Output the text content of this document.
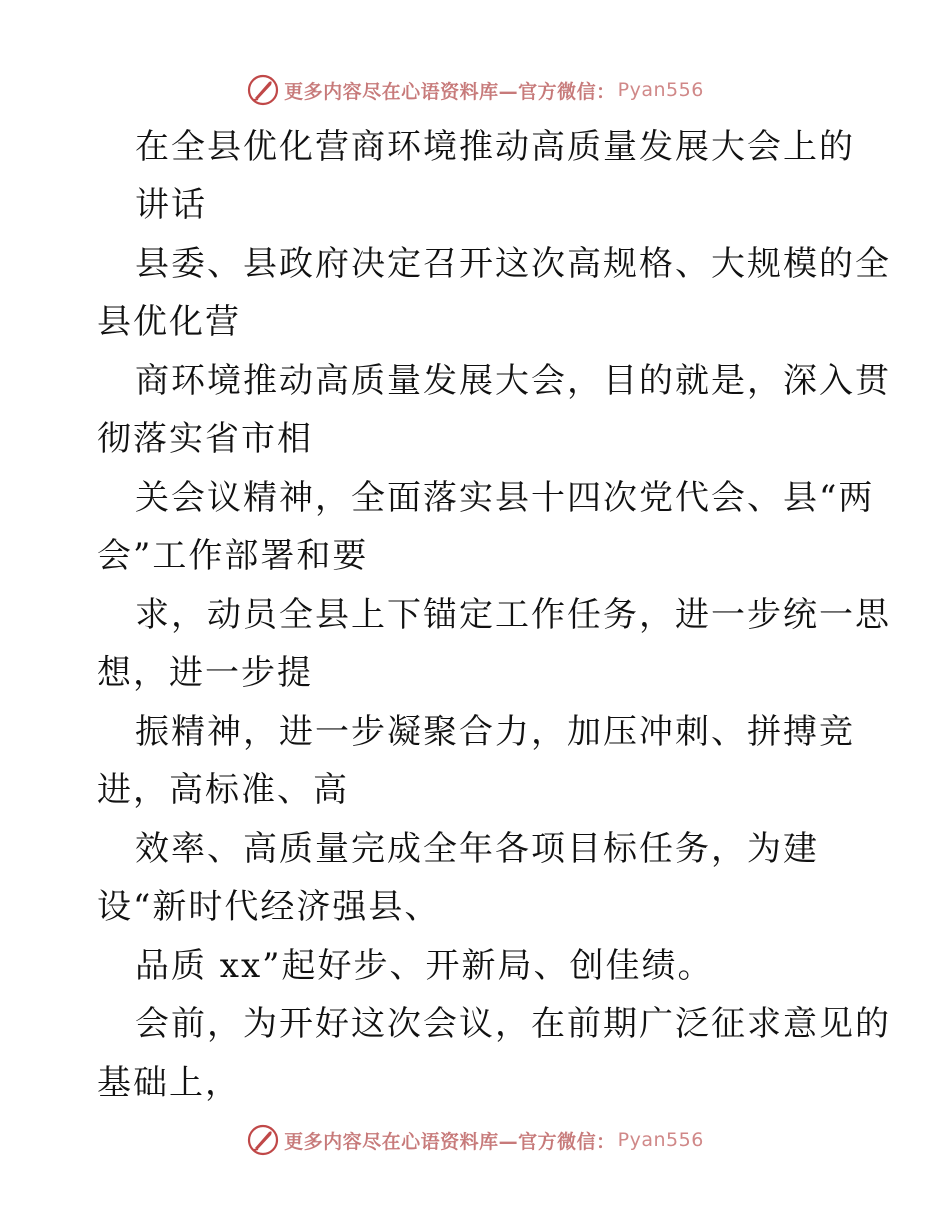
更多内容尽在心语资料库—官方微信： Pyan556
在全县优化营商环境推动高质量发展大会上的
讲话
县委、县政府决定召开这次高规格、大规模的全
县优化营
商环境推动高质量发展大会，目的就是，深入贯
彻落实省市相
关会议精神，全面落实县十四次党代会、县“两
会”工作部署和要
求，动员全县上下锚定工作任务，进一步统一思
想，进一步提
振精神，进一步凝聚合力，加压冲刺、拼搏竞
进，高标准、高
效率、高质量完成全年各项目标任务，为建
设“新时代经济强县、
品质 xx”起好步、开新局、创佳绩。
会前，为开好这次会议，在前期广泛征求意见的
基础上，
更多内容尽在心语资料库—官方微信： Pyan556
